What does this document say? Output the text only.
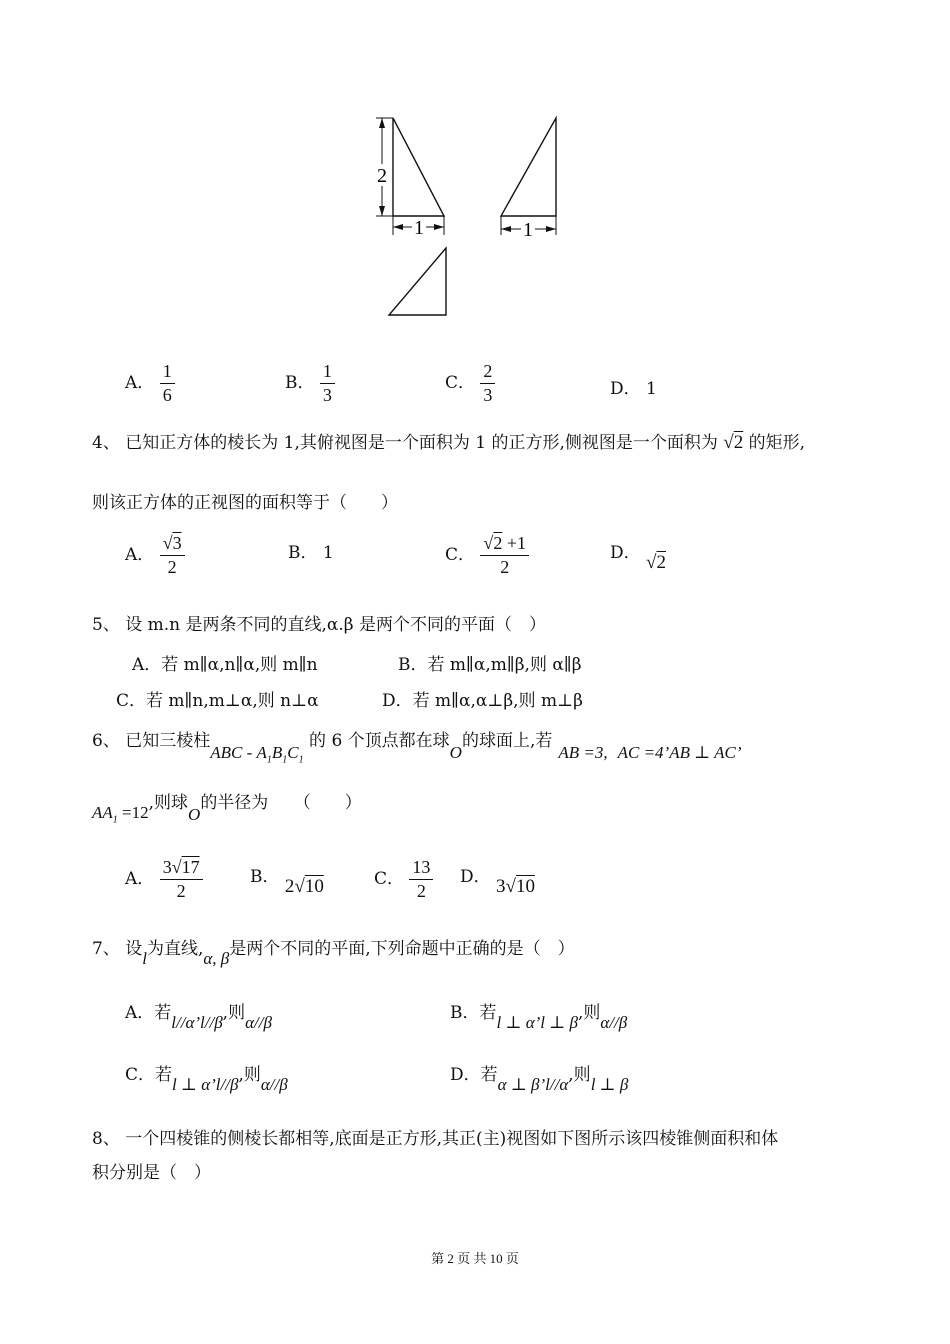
2
1	1
A． $\frac{1}{6}$	B． $\frac{1}{3}$	C． $\frac{2}{3}$	D． 1
4、 已知正方体的棱长为 1,其俯视图是一个面积为 1 的正方形,侧视图是一个面积为 √2 的矩形,
则该正方体的正视图的面积等于（　　）
A． $\frac{√3}{2}$	B． 1	C． $\frac{√2 +1}{2}$	D． √2
5、 设 m.n 是两条不同的直线,α.β 是两个不同的平面（　）
A．若 m∥α,n∥α,则 m∥n	B．若 m∥α,m∥β,则 α∥β
C．若 m∥n,m⊥α,则 n⊥α	D．若 m∥α,α⊥β,则 m⊥β
6、 已知三棱柱ABC - $A_1B_1C_1$ 的 6 个顶点都在球O的球面上,若AB =3, AC =4’AB ⊥ AC’
$AA_1 =12$,则球O的半径为　　（　　）
A． $\frac{3√17}{2}$	B． 2√10	C． $\frac{13}{2}$ D． 3√10
7、 设l为直线,α, β是两个不同的平面,下列命题中正确的是（　）
A．若l//α’l//β,则α//β	B．若l ⊥ α’l ⊥ β,则α//β
C．若l ⊥ α’l//β,则α//β	D．若α ⊥ β’l//α,则l ⊥ β
8、 一个四棱锥的侧棱长都相等,底面是正方形,其正(主)视图如下图所示该四棱锥侧面积和体
积分别是（　）
第 2 页 共 10 页
